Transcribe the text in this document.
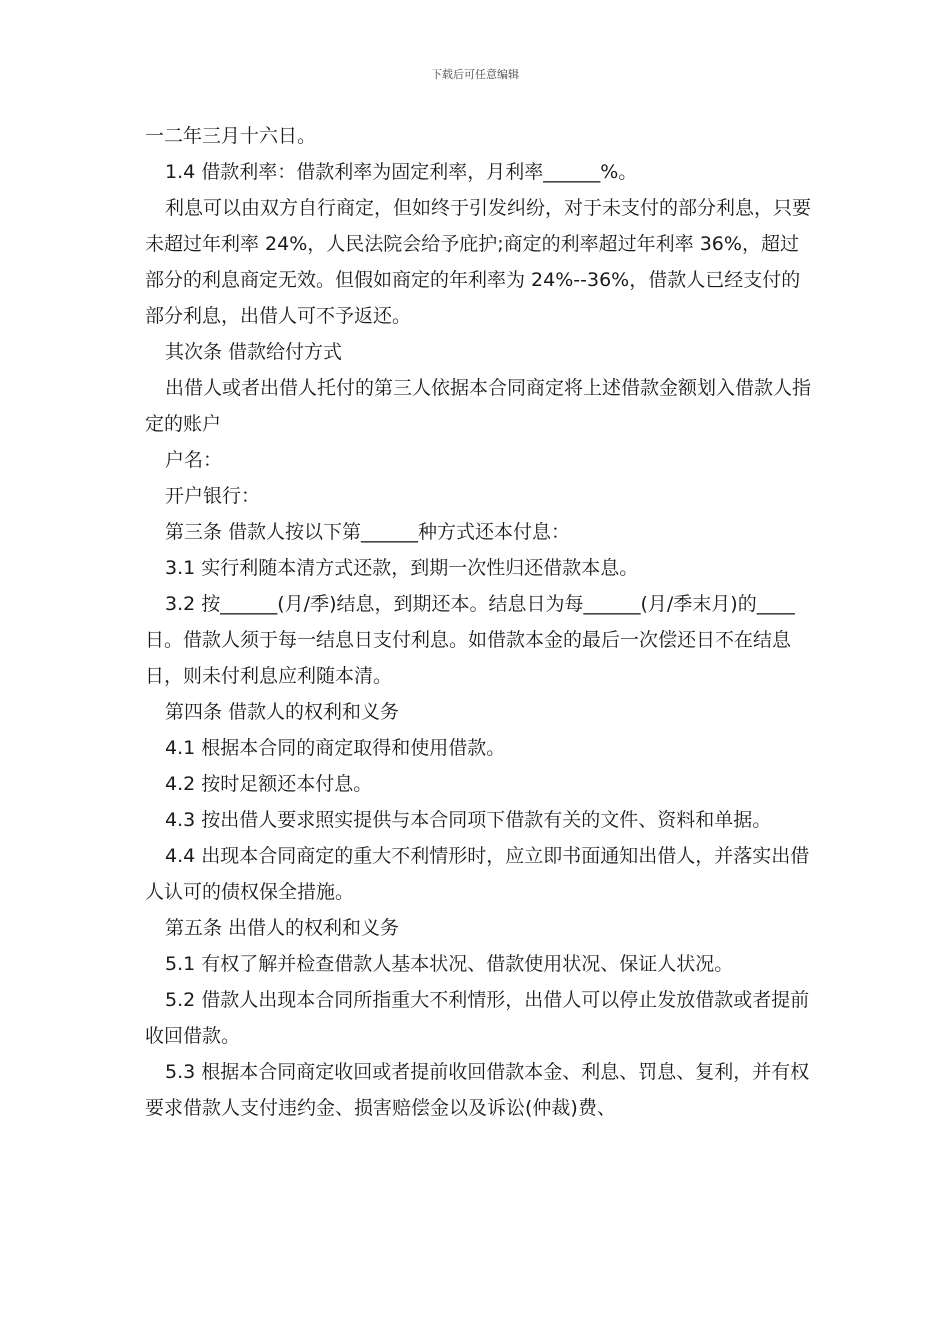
下载后可任意编辑

一二年三月十六日。

1.4 借款利率：借款利率为固定利率，月利率______%。

利息可以由双方自行商定，但如终于引发纠纷，对于未支付的部分利息，只要未超过年利率 24%，人民法院会给予庇护;商定的利率超过年利率 36%，超过部分的利息商定无效。但假如商定的年利率为 24%--36%，借款人已经支付的部分利息，出借人可不予返还。

其次条 借款给付方式

出借人或者出借人托付的第三人依据本合同商定将上述借款金额划入借款人指定的账户

户名：

开户银行：

第三条 借款人按以下第______种方式还本付息：

3.1 实行利随本清方式还款，到期一次性归还借款本息。

3.2 按______(月/季)结息，到期还本。结息日为每______(月/季末月)的____日。借款人须于每一结息日支付利息。如借款本金的最后一次偿还日不在结息日，则未付利息应利随本清。

第四条 借款人的权利和义务

4.1 根据本合同的商定取得和使用借款。

4.2 按时足额还本付息。

4.3 按出借人要求照实提供与本合同项下借款有关的文件、资料和单据。

4.4 出现本合同商定的重大不利情形时，应立即书面通知出借人，并落实出借人认可的债权保全措施。

第五条 出借人的权利和义务

5.1 有权了解并检查借款人基本状况、借款使用状况、保证人状况。

5.2 借款人出现本合同所指重大不利情形，出借人可以停止发放借款或者提前收回借款。

5.3 根据本合同商定收回或者提前收回借款本金、利息、罚息、复利，并有权要求借款人支付违约金、损害赔偿金以及诉讼(仲裁)费、
